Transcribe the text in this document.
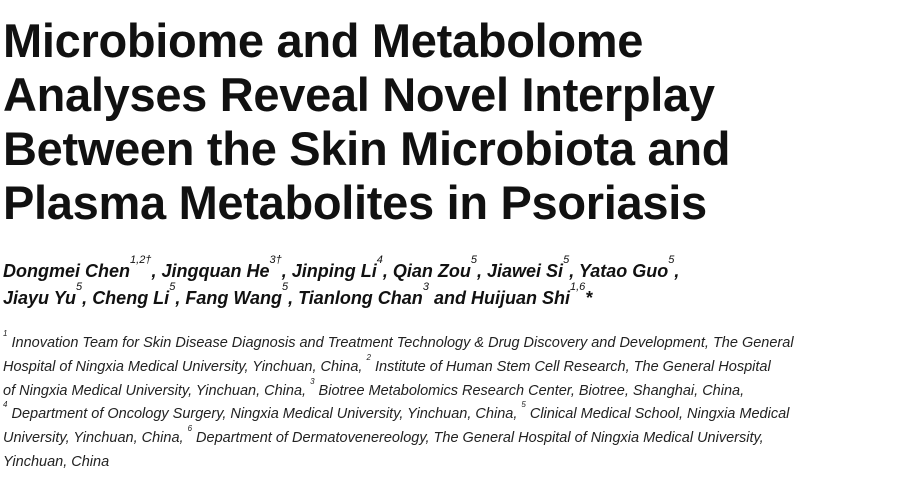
Microbiome and Metabolome
Analyses Reveal Novel Interplay
Between the Skin Microbiota and
Plasma Metabolites in Psoriasis
Dongmei Chen$^{1,2\dagger}$, Jingquan $He^{3\dagger}$, Jinping Li$^4$, Qian Zou$^5$, Jiawei Si$^5$, Yatao Guo$^5$,
Jiayu Yu$^5$, Cheng Li$^5$, Fang Wang$^5$, Tianlong Chan$^3$ and Huijuan Shi$^{1,6}$*
$^1$ Innovation Team for Skin Disease Diagnosis and Treatment Technology & Drug Discovery and Development, The General
Hospital of Ningxia Medical University, Yinchuan, China, $^2$ Institute of Human Stem Cell Research, The General Hospital
of Ningxia Medical University, Yinchuan, China, $^3$ Biotree Metabolomics Research Center, Biotree, Shanghai, China,
$^4$ Department of Oncology Surgery, Ningxia Medical University, Yinchuan, China, $^5$ Clinical Medical School, Ningxia Medical
University, Yinchuan, China, $^6$ Department of Dermatovenereology, The General Hospital of Ningxia Medical University,
Yinchuan, China
